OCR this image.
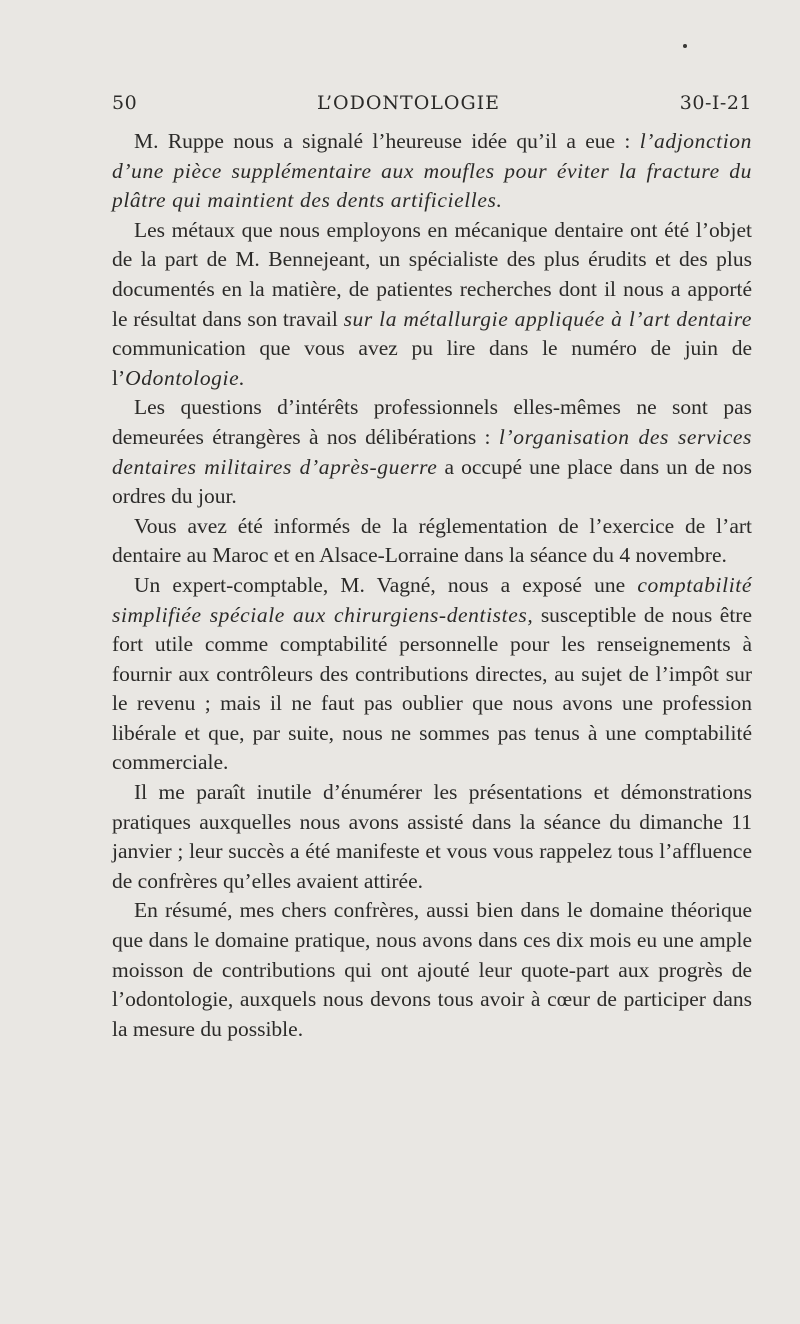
50	L’ODONTOLOGIE	30-I-21

M. Ruppe nous a signalé l’heureuse idée qu’il a eue : l’adjonction d’une pièce supplémentaire aux moufles pour éviter la fracture du plâtre qui maintient des dents artificielles.

Les métaux que nous employons en mécanique dentaire ont été l’objet de la part de M. Bennejeant, un spécialiste des plus érudits et des plus documentés en la matière, de patientes recherches dont il nous a apporté le résultat dans son travail sur la métallurgie appliquée à l’art dentaire communication que vous avez pu lire dans le numéro de juin de l’Odontologie.

Les questions d’intérêts professionnels elles-mêmes ne sont pas demeurées étrangères à nos délibérations : l’organisation des services dentaires militaires d’après-guerre a occupé une place dans un de nos ordres du jour.

Vous avez été informés de la réglementation de l’exercice de l’art dentaire au Maroc et en Alsace-Lorraine dans la séance du 4 novembre.

Un expert-comptable, M. Vagné, nous a exposé une comptabilité simplifiée spéciale aux chirurgiens-dentistes, susceptible de nous être fort utile comme comptabilité personnelle pour les renseignements à fournir aux contrôleurs des contributions directes, au sujet de l’impôt sur le revenu ; mais il ne faut pas oublier que nous avons une profession libérale et que, par suite, nous ne sommes pas tenus à une comptabilité commerciale.

Il me paraît inutile d’énumérer les présentations et démonstrations pratiques auxquelles nous avons assisté dans la séance du dimanche 11 janvier ; leur succès a été manifeste et vous vous rappelez tous l’affluence de confrères qu’elles avaient attirée.

En résumé, mes chers confrères, aussi bien dans le domaine théorique que dans le domaine pratique, nous avons dans ces dix mois eu une ample moisson de contributions qui ont ajouté leur quote-part aux progrès de l’odontologie, auxquels nous devons tous avoir à cœur de participer dans la mesure du possible.
